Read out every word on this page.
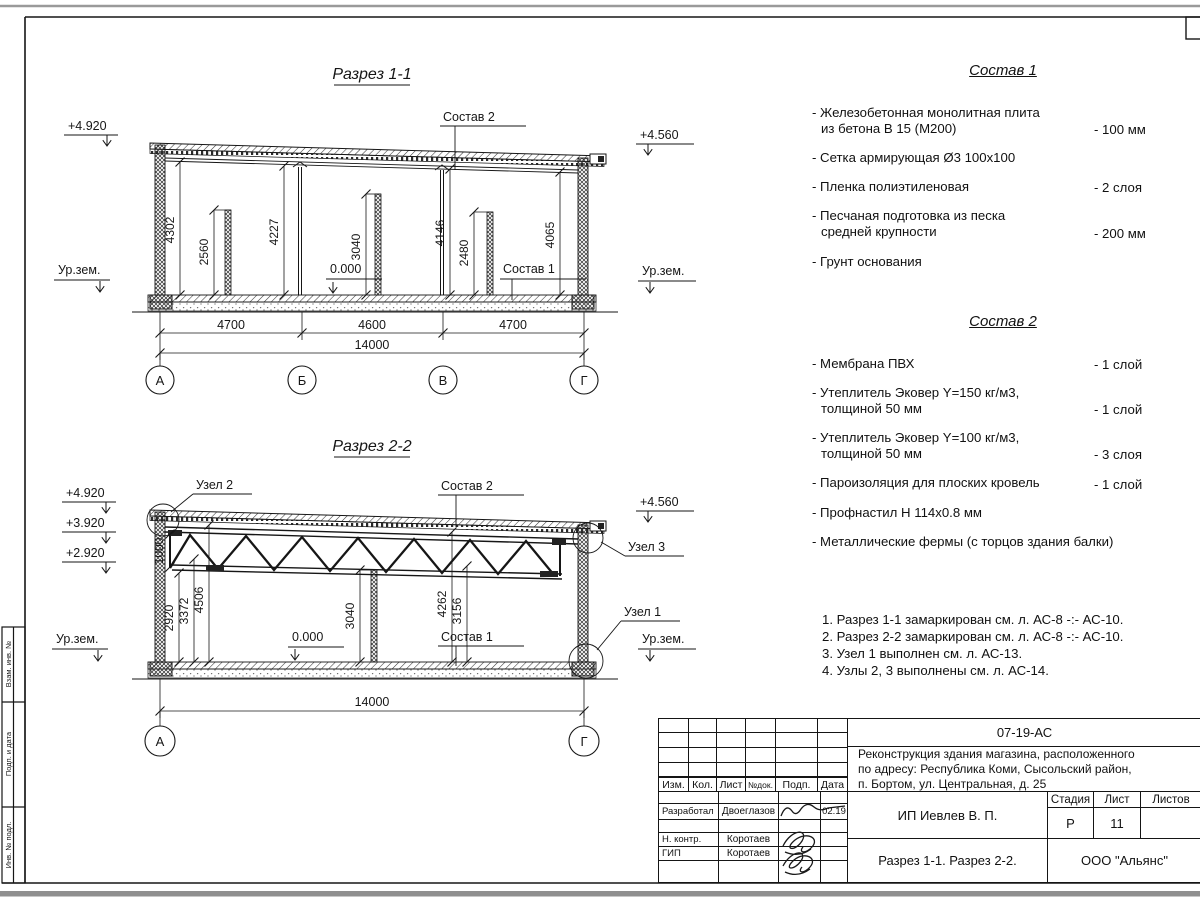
Взам. инв. №
Подп. и дата
Инв. № подл.
Разрез 1-1
+4.920
Ур.зем.
+4.560
Ур.зем.
0.000
Состав 2
Состав 1
4302
2560
4227
3040
4146
2480
4065
4700	4600	4700
14000
А	Б	В	Г
Разрез 2-2
+4.920
+3.920
+2.920
Ур.зем.
+4.560
Ур.зем.
0.000
Узел 2	Состав 2
Узел 3
Узел 1
Состав 1
1000
2920 3372 4506
3040	4262 3156
14000
А	Г
Состав 1
- Железобетонная монолитная плита
из бетона В 15 (М200)	- 100 мм
- Сетка армирующая Ø3 100х100
- Пленка полиэтиленовая	- 2 слоя
- Песчаная подготовка из песка
средней крупности	- 200 мм
- Грунт основания
Состав 2
- Мембрана ПВХ	- 1 слой
- Утеплитель Эковер Y=150 кг/м3,
толщиной 50 мм	- 1 слой
- Утеплитель Эковер Y=100 кг/м3,
толщиной 50 мм	- 3 слоя
- Пароизоляция для плоских кровель	- 1 слой
- Профнастил Н 114х0.8 мм
- Металлические фермы (с торцов здания балки)
1. Разрез 1-1 замаркирован см. л. АС-8 -:- АС-10.
2. Разрез 2-2 замаркирован см. л. АС-8 -:- АС-10.
3. Узел 1 выполнен см. л. АС-13.
4. Узлы 2, 3 выполнены см. л. АС-14.
Изм. Кол. Лист №док. Подп. Дата
Разработал Двоеглазов	02.19
Н. контр.	Коротаев
ГИП	Коротаев
07-19-АС
Реконструкция здания магазина, расположенного
по адресу: Республика Коми, Сысольский район,
п. Бортом, ул. Центральная, д. 25
ИП Иевлев В. П.
Стадия	Лист	Листов
Р	11
Разрез 1-1. Разрез 2-2.	ООО "Альянс"
